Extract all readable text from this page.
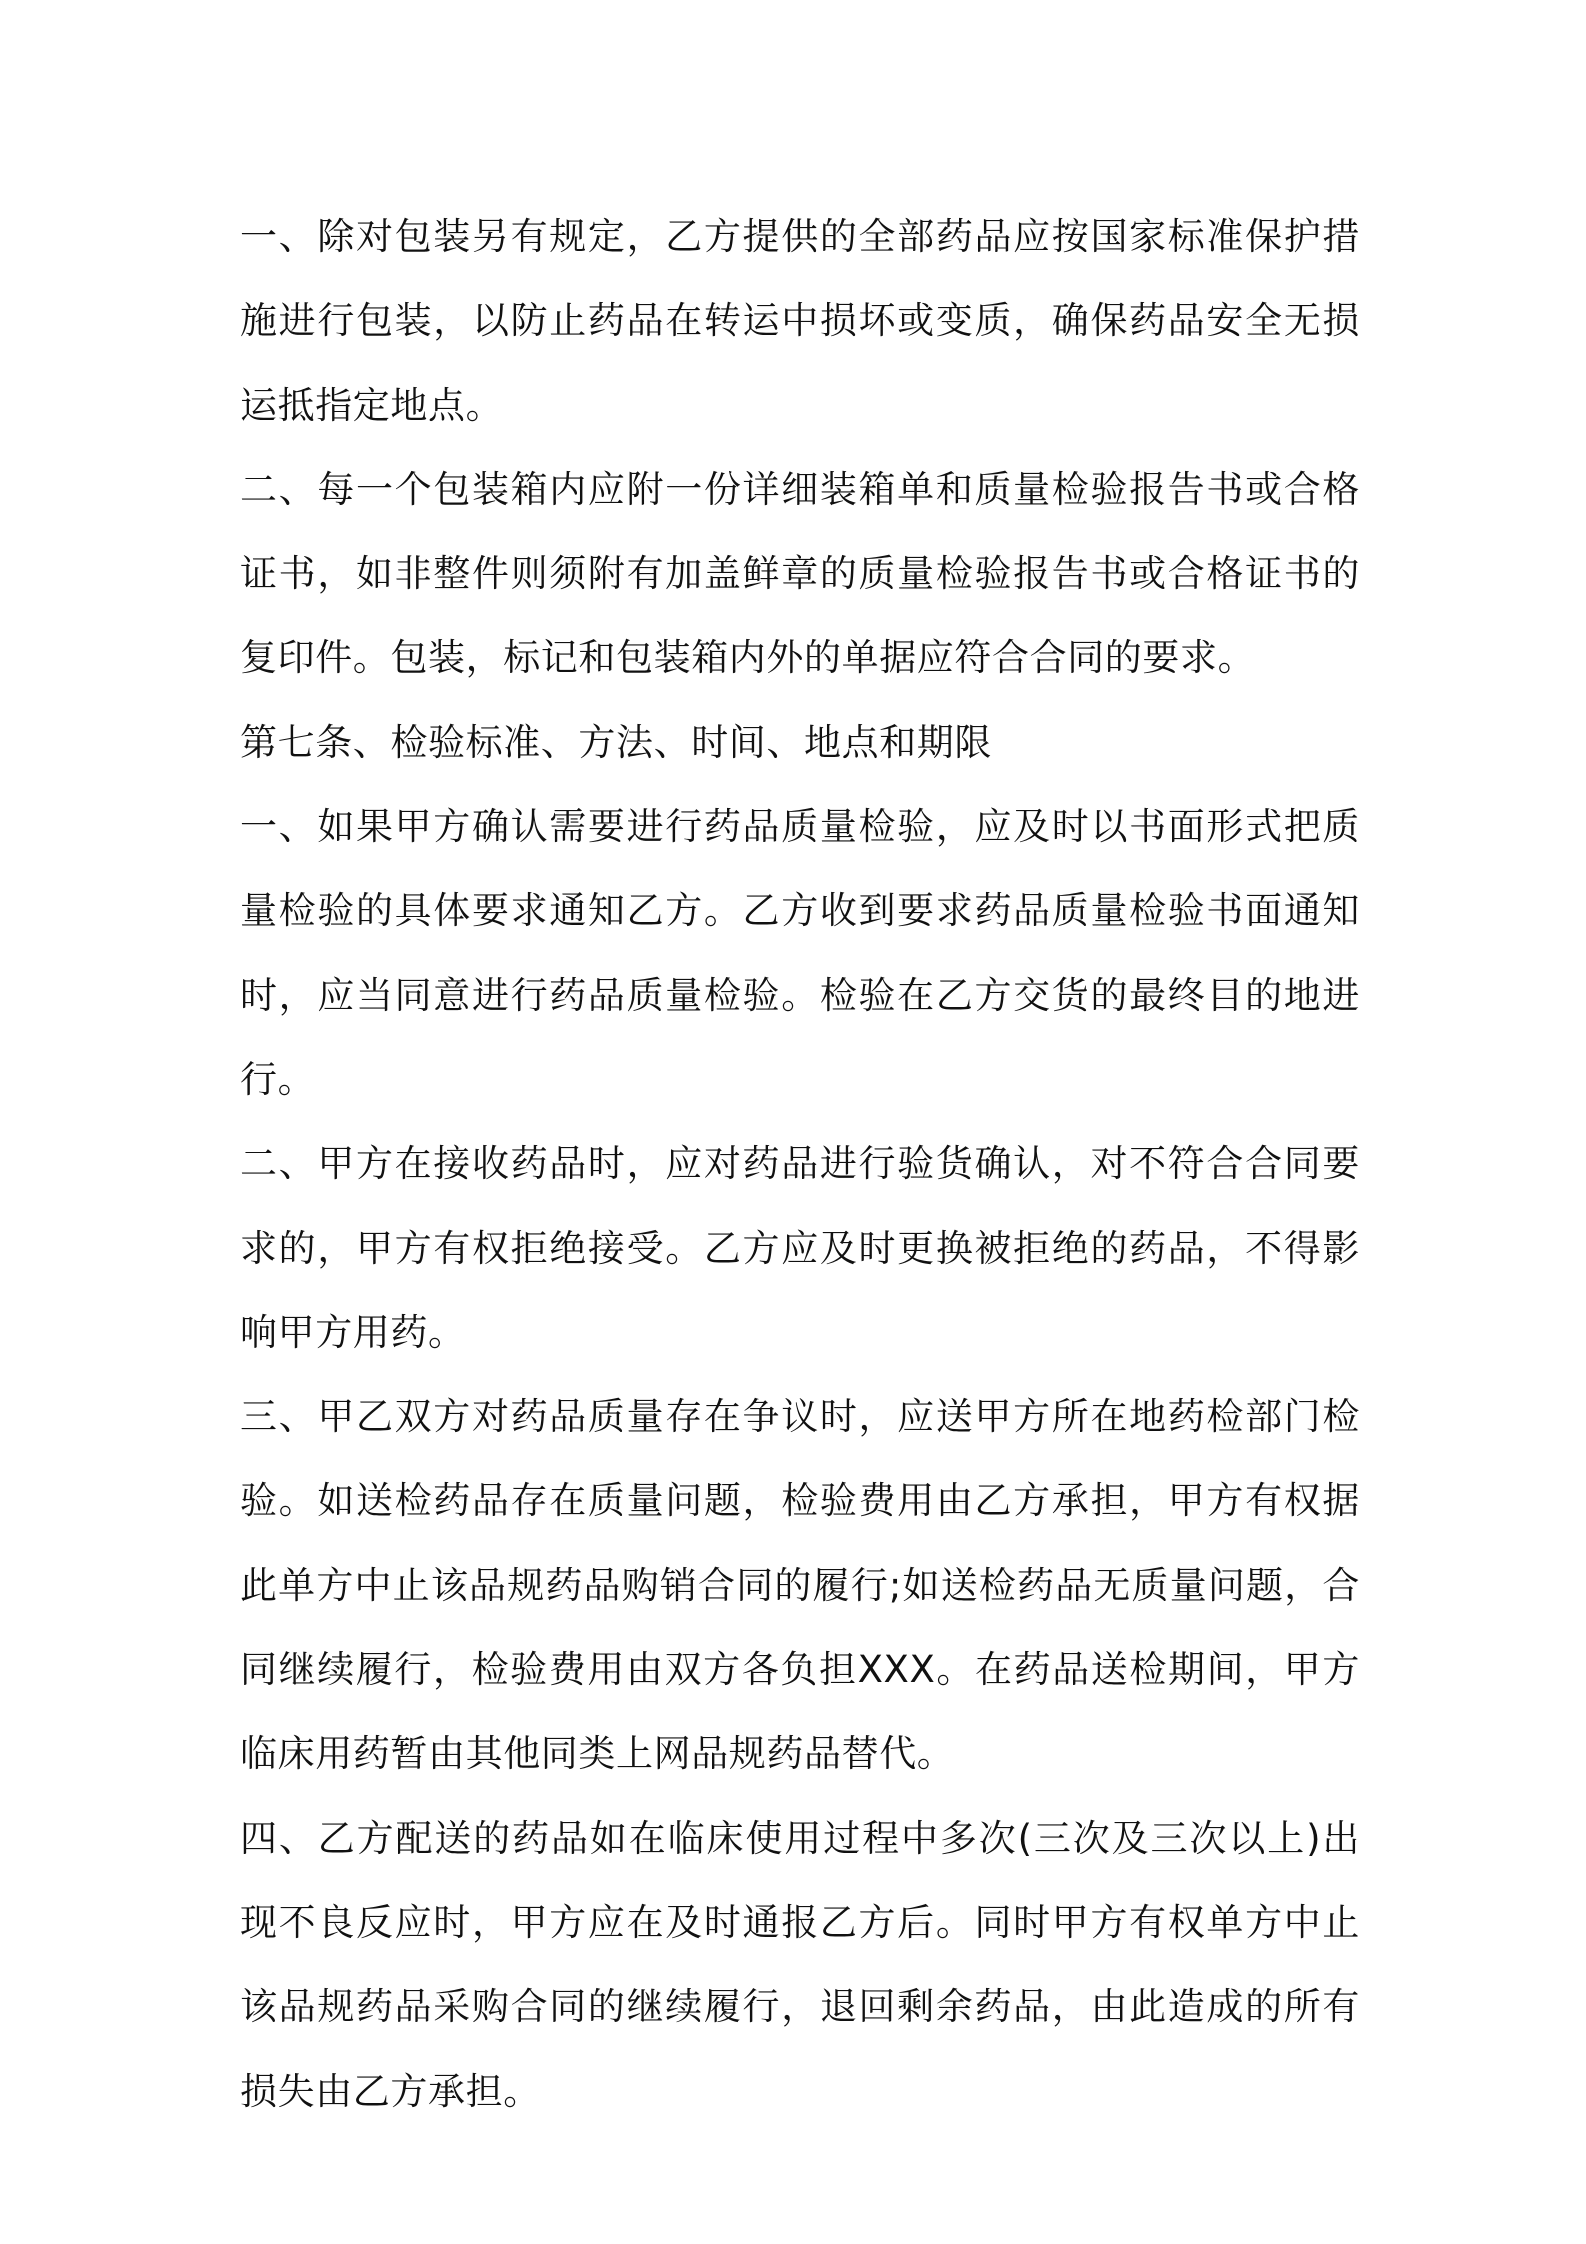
一、除对包装另有规定，乙方提供的全部药品应按国家标准保护措施进行包装，以防止药品在转运中损坏或变质，确保药品安全无损运抵指定地点。

二、每一个包装箱内应附一份详细装箱单和质量检验报告书或合格证书，如非整件则须附有加盖鲜章的质量检验报告书或合格证书的复印件。包装，标记和包装箱内外的单据应符合合同的要求。

第七条、检验标准、方法、时间、地点和期限

一、如果甲方确认需要进行药品质量检验，应及时以书面形式把质量检验的具体要求通知乙方。乙方收到要求药品质量检验书面通知时，应当同意进行药品质量检验。检验在乙方交货的最终目的地进行。

二、甲方在接收药品时，应对药品进行验货确认，对不符合合同要求的，甲方有权拒绝接受。乙方应及时更换被拒绝的药品，不得影响甲方用药。

三、甲乙双方对药品质量存在争议时，应送甲方所在地药检部门检验。如送检药品存在质量问题，检验费用由乙方承担，甲方有权据此单方中止该品规药品购销合同的履行;如送检药品无质量问题，合同继续履行，检验费用由双方各负担XXX。在药品送检期间，甲方临床用药暂由其他同类上网品规药品替代。

四、乙方配送的药品如在临床使用过程中多次(三次及三次以上)出现不良反应时，甲方应在及时通报乙方后。同时甲方有权单方中止该品规药品采购合同的继续履行，退回剩余药品，由此造成的所有损失由乙方承担。
